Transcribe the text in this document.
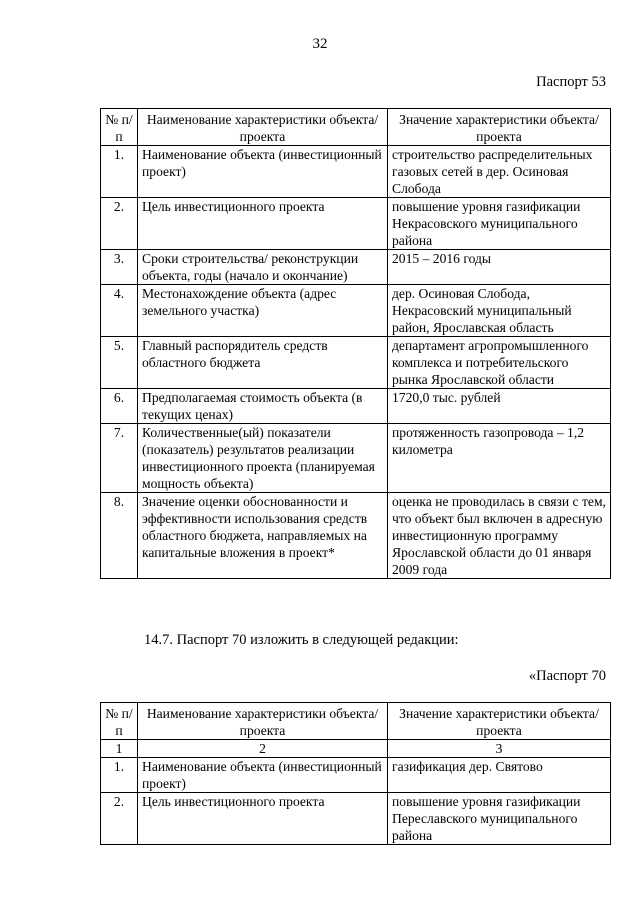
32
Паспорт 53
№ п/п	Наименование характеристики объекта/проекта	Значение характеристики объекта/проекта
1.	Наименование объекта (инвестиционный проект)	строительство распределительных газовых сетей в дер. Осиновая Слобода
2.	Цель инвестиционного проекта	повышение уровня газификации Некрасовского муниципального района
3.	Сроки строительства/ реконструкции объекта, годы (начало и окончание)	2015 – 2016 годы
4.	Местонахождение объекта (адрес земельного участка)	дер. Осиновая Слобода, Некрасовский муниципальный район, Ярославская область
5.	Главный распорядитель средств областного бюджета	департамент агропромышленного комплекса и потребительского рынка Ярославской области
6.	Предполагаемая стоимость объекта (в текущих ценах)	1720,0 тыс. рублей
7.	Количественные(ый) показатели (показатель) результатов реализации инвестиционного проекта (планируемая мощность объекта)	протяженность газопровода – 1,2 километра
8.	Значение оценки обоснованности и эффективности использования средств областного бюджета, направляемых на капитальные вложения в проект*	оценка не проводилась в связи с тем, что объект был включен в адресную инвестиционную программу Ярославской области до 01 января 2009 года
14.7. Паспорт 70 изложить в следующей редакции:
«Паспорт 70
№ п/п	Наименование характеристики объекта/проекта	Значение характеристики объекта/проекта
1	2	3
1.	Наименование объекта (инвестиционный проект)	газификация дер. Святово
2.	Цель инвестиционного проекта	повышение уровня газификации Переславского муниципального района
